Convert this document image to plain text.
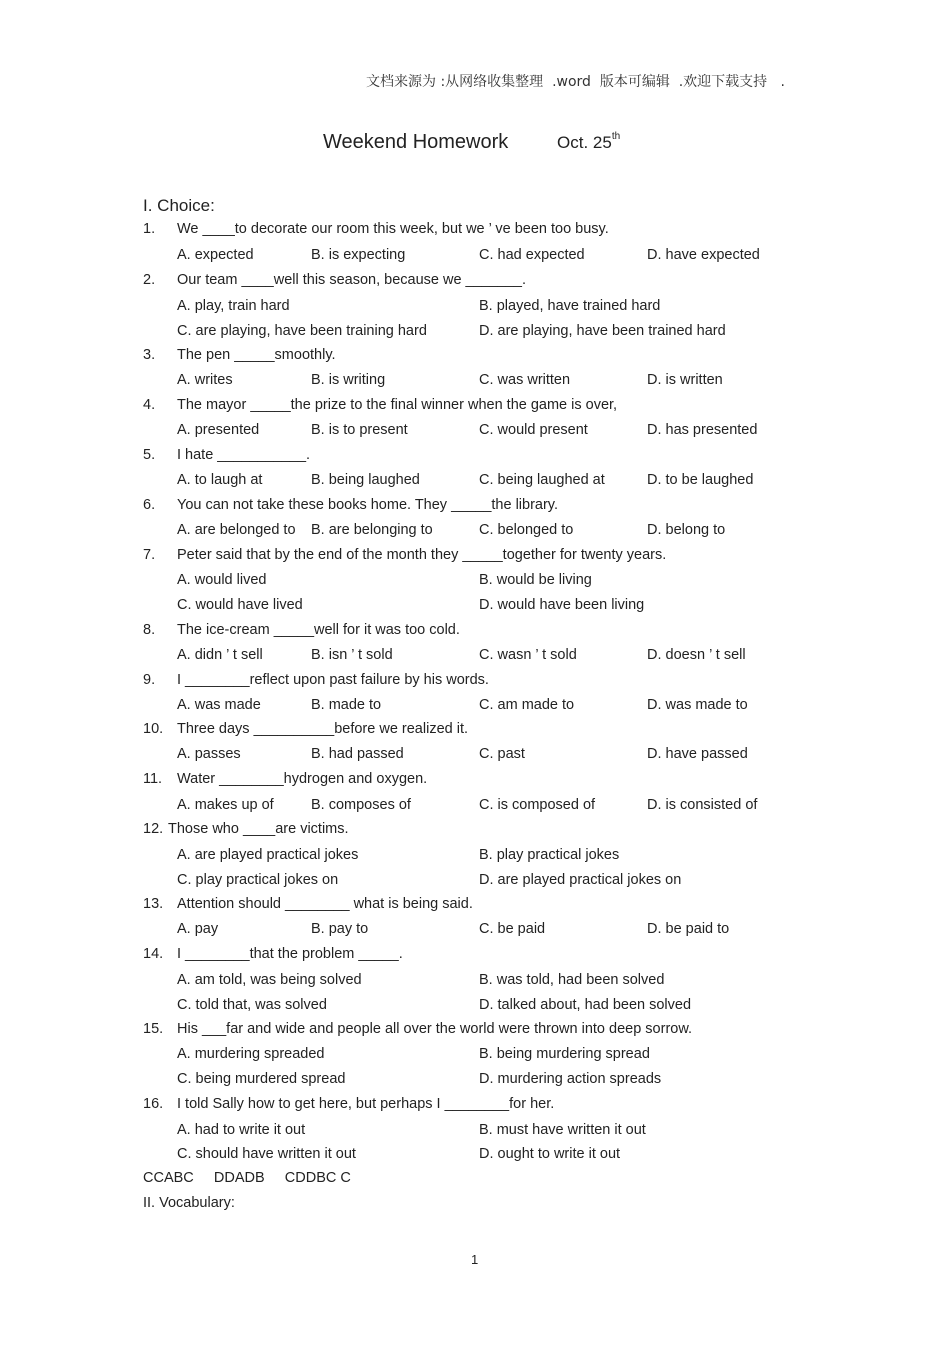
文档来源为 :从网络收集整理  .word  版本可编辑  .欢迎下载支持   .
Weekend Homework	Oct. 25th
I. Choice:
1. We ____to decorate our room this week, but we ’ ve been too busy.
A. expected	B. is expecting	C. had expected	D. have expected
2. Our team ____well this season, because we _______.
A. play, train hard	B. played, have trained hard
C. are playing, have been training hard	D. are playing, have been trained hard
3. The pen _____smoothly.
A. writes	B. is writing	C. was written	D. is written
4. The mayor _____the prize to the final winner when the game is over,
A. presented	B. is to present	C. would present	D. has presented
5. I hate ___________.
A. to laugh at	B. being laughed	C. being laughed at	D. to be laughed
6. You can not take these books home. They _____the library.
A. are belonged to B. are belonging to	C. belonged to	D. belong to
7. Peter said that by the end of the month they _____together for twenty years.
A. would lived	B. would be living
C. would have lived	D. would have been living
8. The ice-cream _____well for it was too cold.
A. didn ’ t sell	B. isn ’ t sold	C. wasn ’ t sold	D. doesn ’ t sell
9. I ________reflect upon past failure by his words.
A. was made	B. made to	C. am made to	D. was made to
10. Three days __________before we realized it.
A. passes	B. had passed	C. past	D. have passed
11. Water ________hydrogen and oxygen.
A. makes up of	B. composes of	C. is composed of	D. is consisted of
12. Those who ____are victims.
A. are played practical jokes	B. play practical jokes
C. play practical jokes on	D. are played practical jokes on
13. Attention should ________ what is being said.
A. pay	B. pay to	C. be paid	D. be paid to
14. I ________that the problem _____.
A. am told, was being solved	B. was told, had been solved
C. told that, was solved	D. talked about, had been solved
15. His ___far and wide and people all over the world were thrown into deep sorrow.
A. murdering spreaded	B. being murdering spread
C. being murdered spread	D. murdering action spreads
16. I told Sally how to get here, but perhaps I ________for her.
A. had to write it out	B. must have written it out
C. should have written it out	D. ought to write it out
CCABC     DDADB     CDDBC C
II. Vocabulary:
1
